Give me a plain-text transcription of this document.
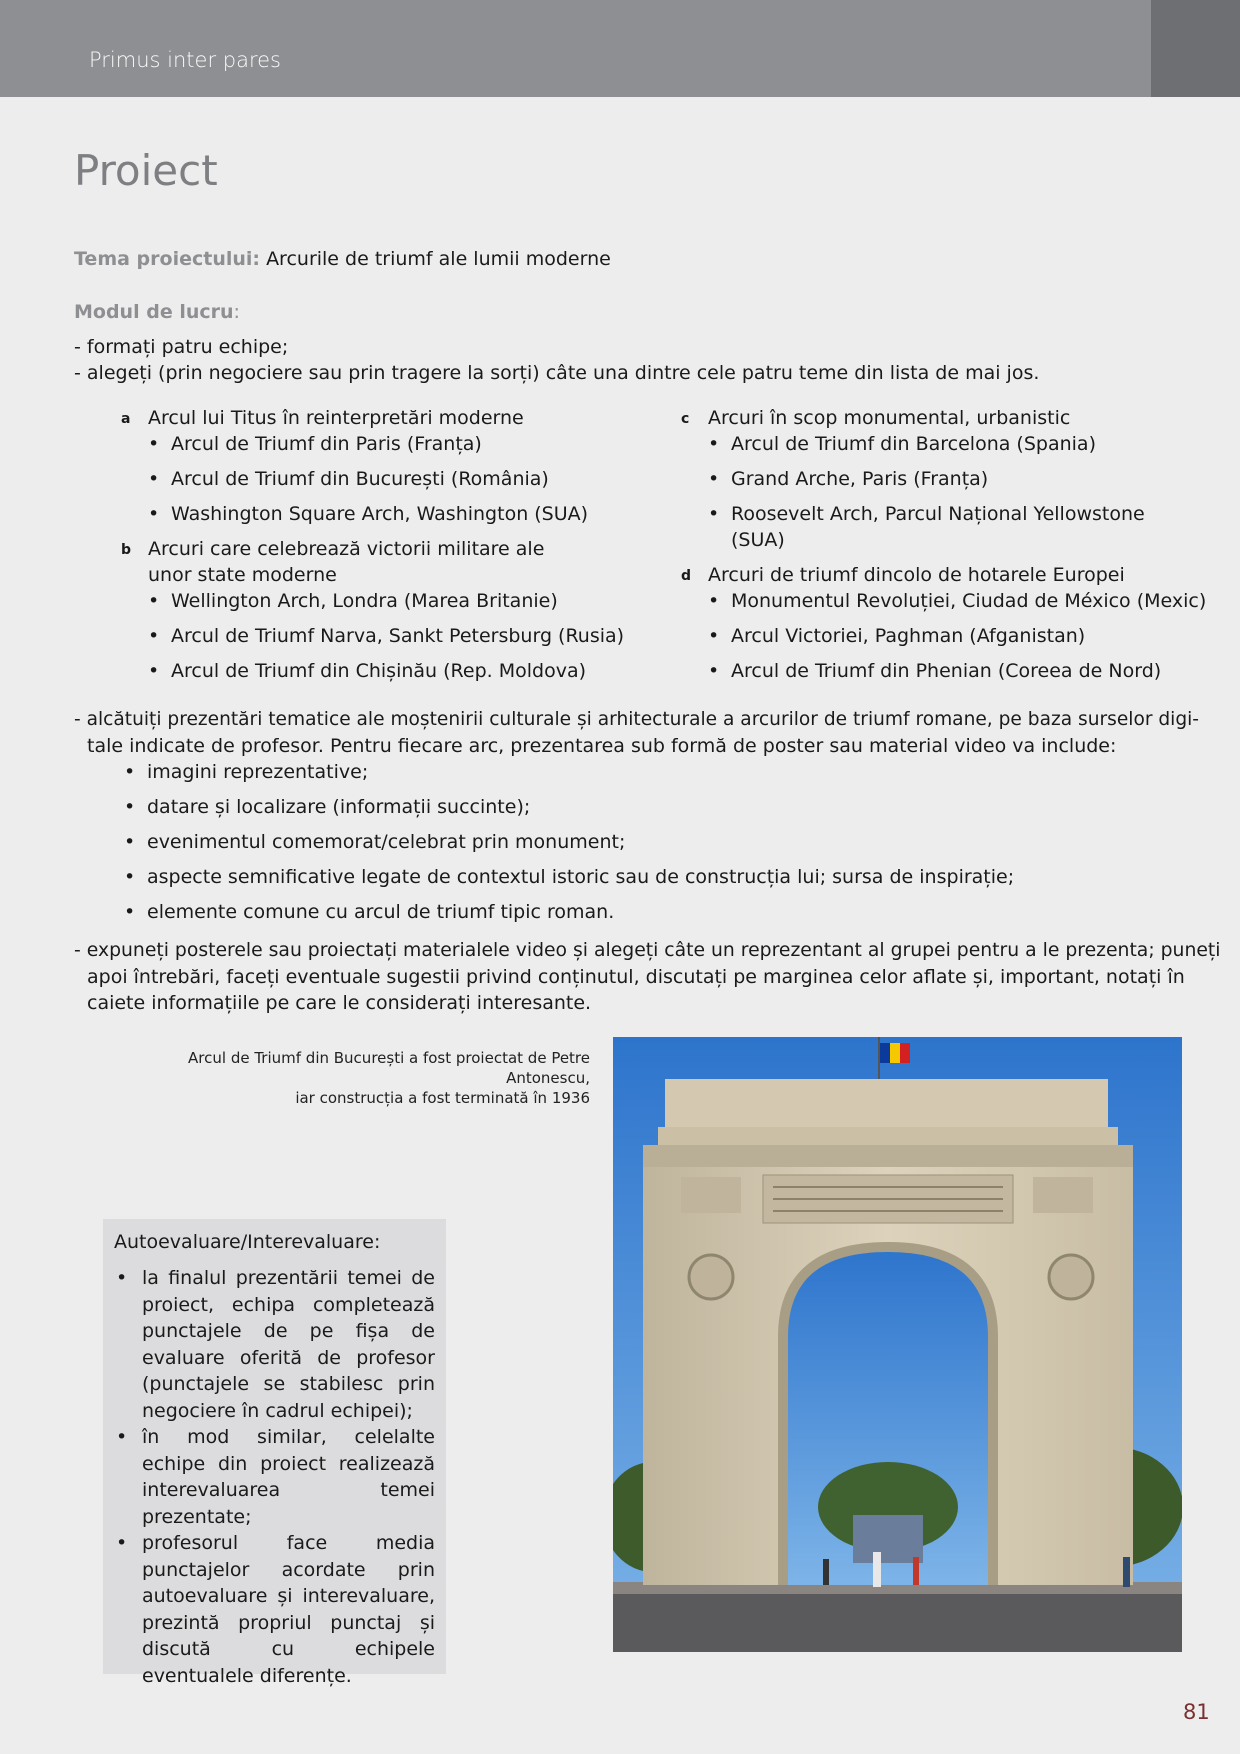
Primus inter pares
Proiect
Tema proiectului: Arcurile de triumf ale lumii moderne
Modul de lucru:
- formați patru echipe;
- alegeți (prin negociere sau prin tragere la sorți) câte una dintre cele patru teme din lista de mai jos.
a Arcul lui Titus în reinterpretări moderne
• Arcul de Triumf din Paris (Franța)
• Arcul de Triumf din București (România)
• Washington Square Arch, Washington (SUA)
b Arcuri care celebrează victorii militare ale unor state moderne
• Wellington Arch, Londra (Marea Britanie)
• Arcul de Triumf Narva, Sankt Petersburg (Rusia)
• Arcul de Triumf din Chișinău (Rep. Moldova)
c Arcuri în scop monumental, urbanistic
• Arcul de Triumf din Barcelona (Spania)
• Grand Arche, Paris (Franța)
• Roosevelt Arch, Parcul Național Yellowstone (SUA)
d Arcuri de triumf dincolo de hotarele Europei
• Monumentul Revoluției, Ciudad de México (Mexic)
• Arcul Victoriei, Paghman (Afganistan)
• Arcul de Triumf din Phenian (Coreea de Nord)
- alcătuiți prezentări tematice ale moștenirii culturale și arhitecturale a arcurilor de triumf romane, pe baza surselor digi-
tale indicate de profesor. Pentru fiecare arc, prezentarea sub formă de poster sau material video va include:
• imagini reprezentative;
• datare și localizare (informații succinte);
• evenimentul comemorat/celebrat prin monument;
• aspecte semnificative legate de contextul istoric sau de construcția lui; sursa de inspirație;
• elemente comune cu arcul de triumf tipic roman.
- expuneți posterele sau proiectați materialele video și alegeți câte un reprezentant al grupei pentru a le prezenta; puneți
apoi întrebări, faceți eventuale sugestii privind conținutul, discutați pe marginea celor aflate și, important, notați în
caiete informațiile pe care le considerați interesante.
Arcul de Triumf din București a fost proiectat de Petre Antonescu,
iar construcția a fost terminată în 1936
Autoevaluare/Interevaluare:
• la finalul prezentării temei de proiect, echipa completează punctajele de pe fișa de evaluare oferită de profesor (punctajele se stabilesc prin negociere în cadrul echipei);
• în mod similar, celelalte echipe din proiect realizează interevaluarea temei prezentate;
• profesorul face media punctajelor acordate prin autoevaluare și interevaluare, prezintă propriul punctaj și discută cu echipele eventualele diferențe.
81
